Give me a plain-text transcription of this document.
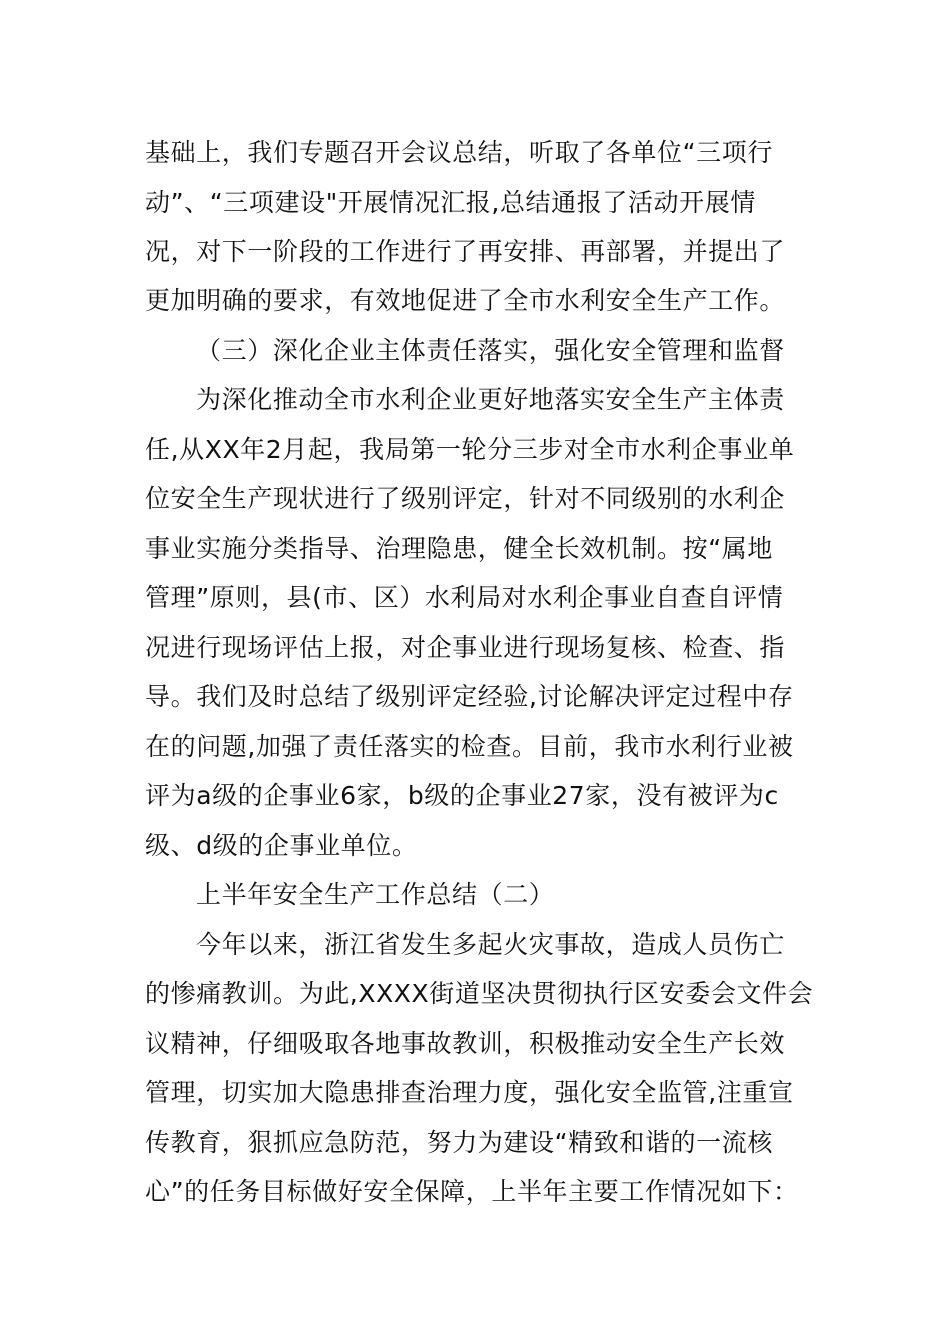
基础上，我们专题召开会议总结，听取了各单位“三项行
动”、“三项建设"开展情况汇报,总结通报了活动开展情
况，对下一阶段的工作进行了再安排、再部署，并提出了
更加明确的要求，有效地促进了全市水利安全生产工作。
（三）深化企业主体责任落实，强化安全管理和监督
为深化推动全市水利企业更好地落实安全生产主体责
任,从XX年2月起，我局第一轮分三步对全市水利企事业单
位安全生产现状进行了级别评定，针对不同级别的水利企
事业实施分类指导、治理隐患，健全长效机制。按“属地
管理”原则，县(市、区）水利局对水利企事业自查自评情
况进行现场评估上报，对企事业进行现场复核、检查、指
导。我们及时总结了级别评定经验,讨论解决评定过程中存
在的问题,加强了责任落实的检查。目前，我市水利行业被
评为a级的企事业6家，b级的企事业27家，没有被评为c
级、d级的企事业单位。
上半年安全生产工作总结（二）
今年以来，浙江省发生多起火灾事故，造成人员伤亡
的惨痛教训。为此,XXXX街道坚决贯彻执行区安委会文件会
议精神，仔细吸取各地事故教训，积极推动安全生产长效
管理，切实加大隐患排查治理力度，强化安全监管,注重宣
传教育，狠抓应急防范，努力为建设“精致和谐的一流核
心”的任务目标做好安全保障，上半年主要工作情况如下：
